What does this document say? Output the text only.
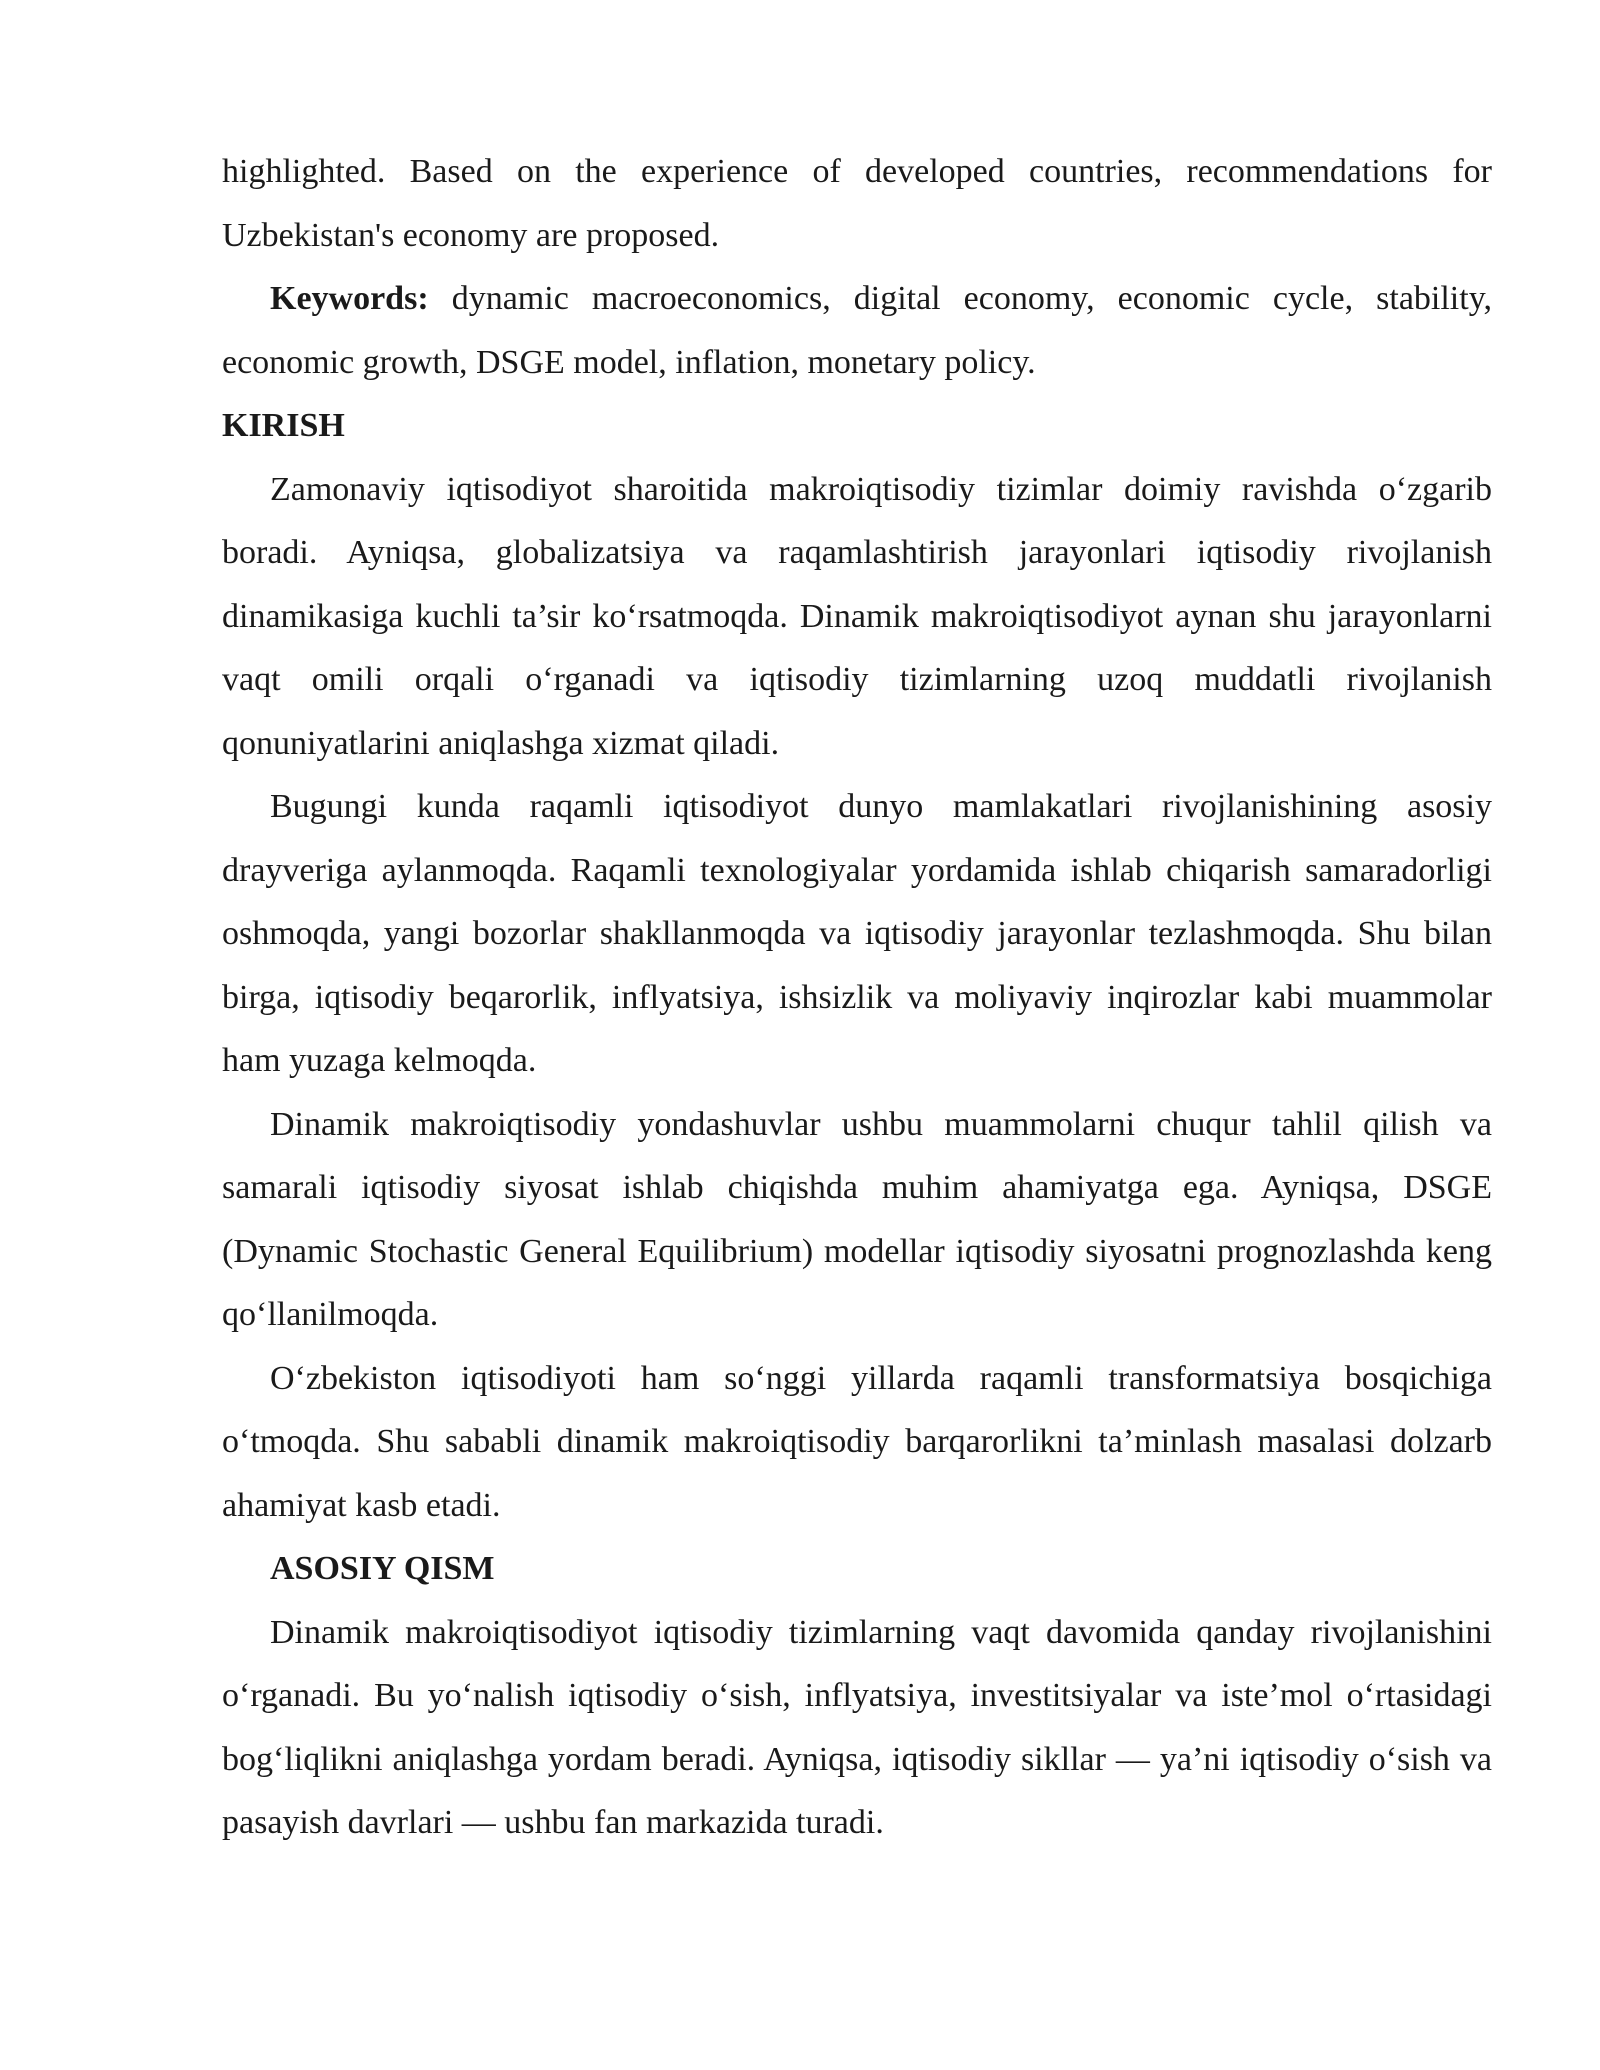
highlighted. Based on the experience of developed countries, recommendations for Uzbekistan's economy are proposed.

Keywords: dynamic macroeconomics, digital economy, economic cycle, stability, economic growth, DSGE model, inflation, monetary policy.

KIRISH

Zamonaviy iqtisodiyot sharoitida makroiqtisodiy tizimlar doimiy ravishda o‘zgarib boradi. Ayniqsa, globalizatsiya va raqamlashtirish jarayonlari iqtisodiy rivojlanish dinamikasiga kuchli ta’sir ko‘rsatmoqda. Dinamik makroiqtisodiyot aynan shu jarayonlarni vaqt omili orqali o‘rganadi va iqtisodiy tizimlarning uzoq muddatli rivojlanish qonuniyatlarini aniqlashga xizmat qiladi.

Bugungi kunda raqamli iqtisodiyot dunyo mamlakatlari rivojlanishining asosiy drayveriga aylanmoqda. Raqamli texnologiyalar yordamida ishlab chiqarish samaradorligi oshmoqda, yangi bozorlar shakllanmoqda va iqtisodiy jarayonlar tezlashmoqda. Shu bilan birga, iqtisodiy beqarorlik, inflyatsiya, ishsizlik va moliyaviy inqirozlar kabi muammolar ham yuzaga kelmoqda.

Dinamik makroiqtisodiy yondashuvlar ushbu muammolarni chuqur tahlil qilish va samarali iqtisodiy siyosat ishlab chiqishda muhim ahamiyatga ega. Ayniqsa, DSGE (Dynamic Stochastic General Equilibrium) modellar iqtisodiy siyosatni prognozlashda keng qo‘llanilmoqda.

O‘zbekiston iqtisodiyoti ham so‘nggi yillarda raqamli transformatsiya bosqichiga o‘tmoqda. Shu sababli dinamik makroiqtisodiy barqarorlikni ta’minlash masalasi dolzarb ahamiyat kasb etadi.

ASOSIY QISM

Dinamik makroiqtisodiyot iqtisodiy tizimlarning vaqt davomida qanday rivojlanishini o‘rganadi. Bu yo‘nalish iqtisodiy o‘sish, inflyatsiya, investitsiyalar va iste’mol o‘rtasidagi bog‘liqlikni aniqlashga yordam beradi. Ayniqsa, iqtisodiy sikllar — ya’ni iqtisodiy o‘sish va pasayish davrlari — ushbu fan markazida turadi.
